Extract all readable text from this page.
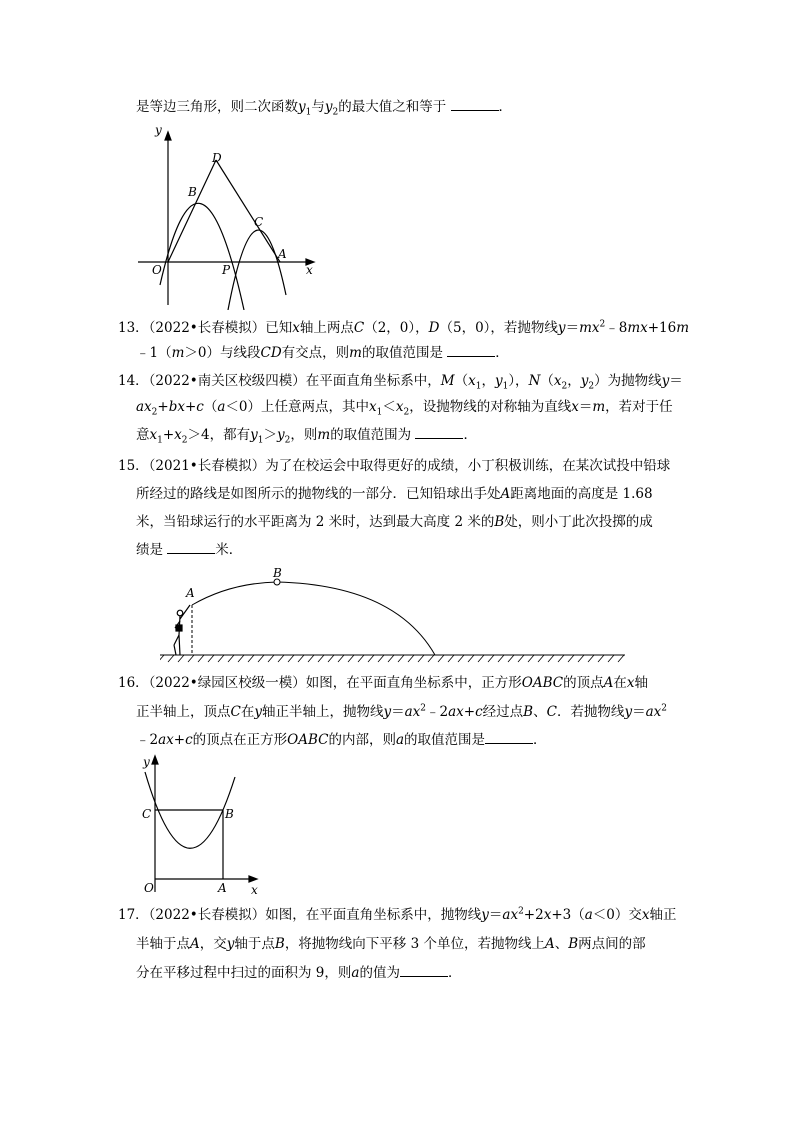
是等边三角形，则二次函数$y_1$与$y_2$的最大值之和等于	．
y
x
O	P
A
B
C
D
13．（2022•长春模拟）已知x轴上两点C（2，0），D（5，0），若抛物线$y=mx^2﹣8mx+16m$
﹣1（m＞0）与线段CD有交点，则m的取值范围是	．
14．（2022•南关区校级四模）在平面直角坐标系中，$M(x_1$，$y_1$），$N(x_2$，$y_2$）为抛物线y＝
$ax_2+bx+c(a<0)$上任意两点，其中$x_1<x_2$，设抛物线的对称轴为直线x＝m，若对于任
意$x_1+x_2>4$，都有$y_1>y_2$，则m的取值范围为	．
15．（2021•长春模拟）为了在校运会中取得更好的成绩，小丁积极训练，在某次试投中铅球
所经过的路线是如图所示的抛物线的一部分．已知铅球出手处A距离地面的高度是 1.68
米，当铅球运行的水平距离为 2 米时，达到最大高度 2 米的B处，则小丁此次投掷的成
绩是	米．
A
B
16．（2022•绿园区校级一模）如图，在平面直角坐标系中，正方形OABC的顶点A在x轴
正半轴上，顶点C在y轴正半轴上，抛物线$y=ax^2﹣2ax+c$经过点B、C．若抛物线$y=ax^2$
﹣2ax+c的顶点在正方形OABC的内部，则a的取值范围是	．
y
x
O	A
B
C
17．（2022•长春模拟）如图，在平面直角坐标系中，抛物线$y=ax^2+2x+3(a<0)$交x轴正
半轴于点A，交y轴于点B，将抛物线向下平移 3 个单位，若抛物线上A、B两点间的部
分在平移过程中扫过的面积为 9，则a的值为	．
